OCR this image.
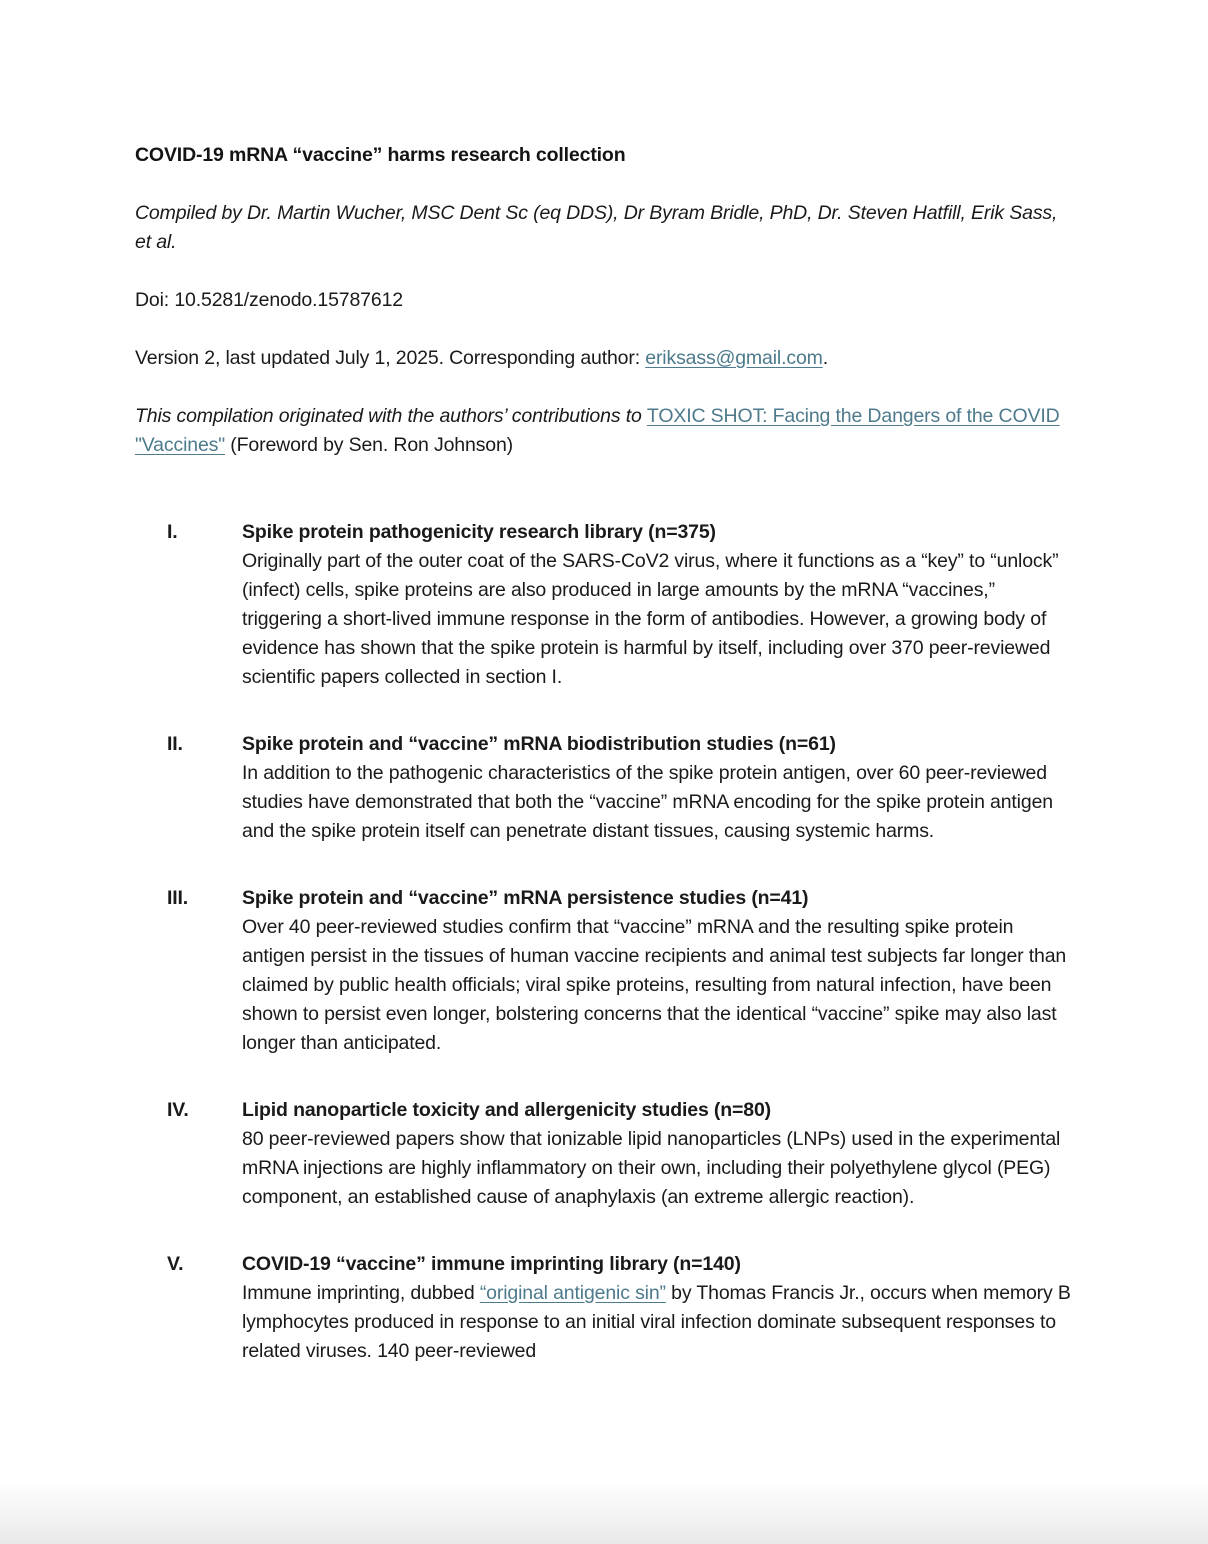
COVID-19 mRNA “vaccine” harms research collection

Compiled by Dr. Martin Wucher, MSC Dent Sc (eq DDS), Dr Byram Bridle, PhD, Dr. Steven Hatfill, Erik Sass, et al.

Doi: 10.5281/zenodo.15787612

Version 2, last updated July 1, 2025. Corresponding author: eriksass@gmail.com.

This compilation originated with the authors’ contributions to TOXIC SHOT: Facing the Dangers of the COVID "Vaccines" (Foreword by Sen. Ron Johnson)

I.	Spike protein pathogenicity research library (n=375)
Originally part of the outer coat of the SARS-CoV2 virus, where it functions as a “key” to “unlock” (infect) cells, spike proteins are also produced in large amounts by the mRNA “vaccines,” triggering a short-lived immune response in the form of antibodies. However, a growing body of evidence has shown that the spike protein is harmful by itself, including over 370 peer-reviewed scientific papers collected in section I.
II.	Spike protein and “vaccine” mRNA biodistribution studies (n=61)
In addition to the pathogenic characteristics of the spike protein antigen, over 60 peer-reviewed studies have demonstrated that both the “vaccine” mRNA encoding for the spike protein antigen and the spike protein itself can penetrate distant tissues, causing systemic harms.
III.	Spike protein and “vaccine” mRNA persistence studies (n=41)
Over 40 peer-reviewed studies confirm that “vaccine” mRNA and the resulting spike protein antigen persist in the tissues of human vaccine recipients and animal test subjects far longer than claimed by public health officials; viral spike proteins, resulting from natural infection, have been shown to persist even longer, bolstering concerns that the identical “vaccine” spike may also last longer than anticipated.
IV.	Lipid nanoparticle toxicity and allergenicity studies (n=80)
80 peer-reviewed papers show that ionizable lipid nanoparticles (LNPs) used in the experimental mRNA injections are highly inflammatory on their own, including their polyethylene glycol (PEG) component, an established cause of anaphylaxis (an extreme allergic reaction).
V.	COVID-19 “vaccine” immune imprinting library (n=140)
Immune imprinting, dubbed “original antigenic sin” by Thomas Francis Jr., occurs when memory B lymphocytes produced in response to an initial viral infection dominate subsequent responses to related viruses. 140 peer-reviewed
